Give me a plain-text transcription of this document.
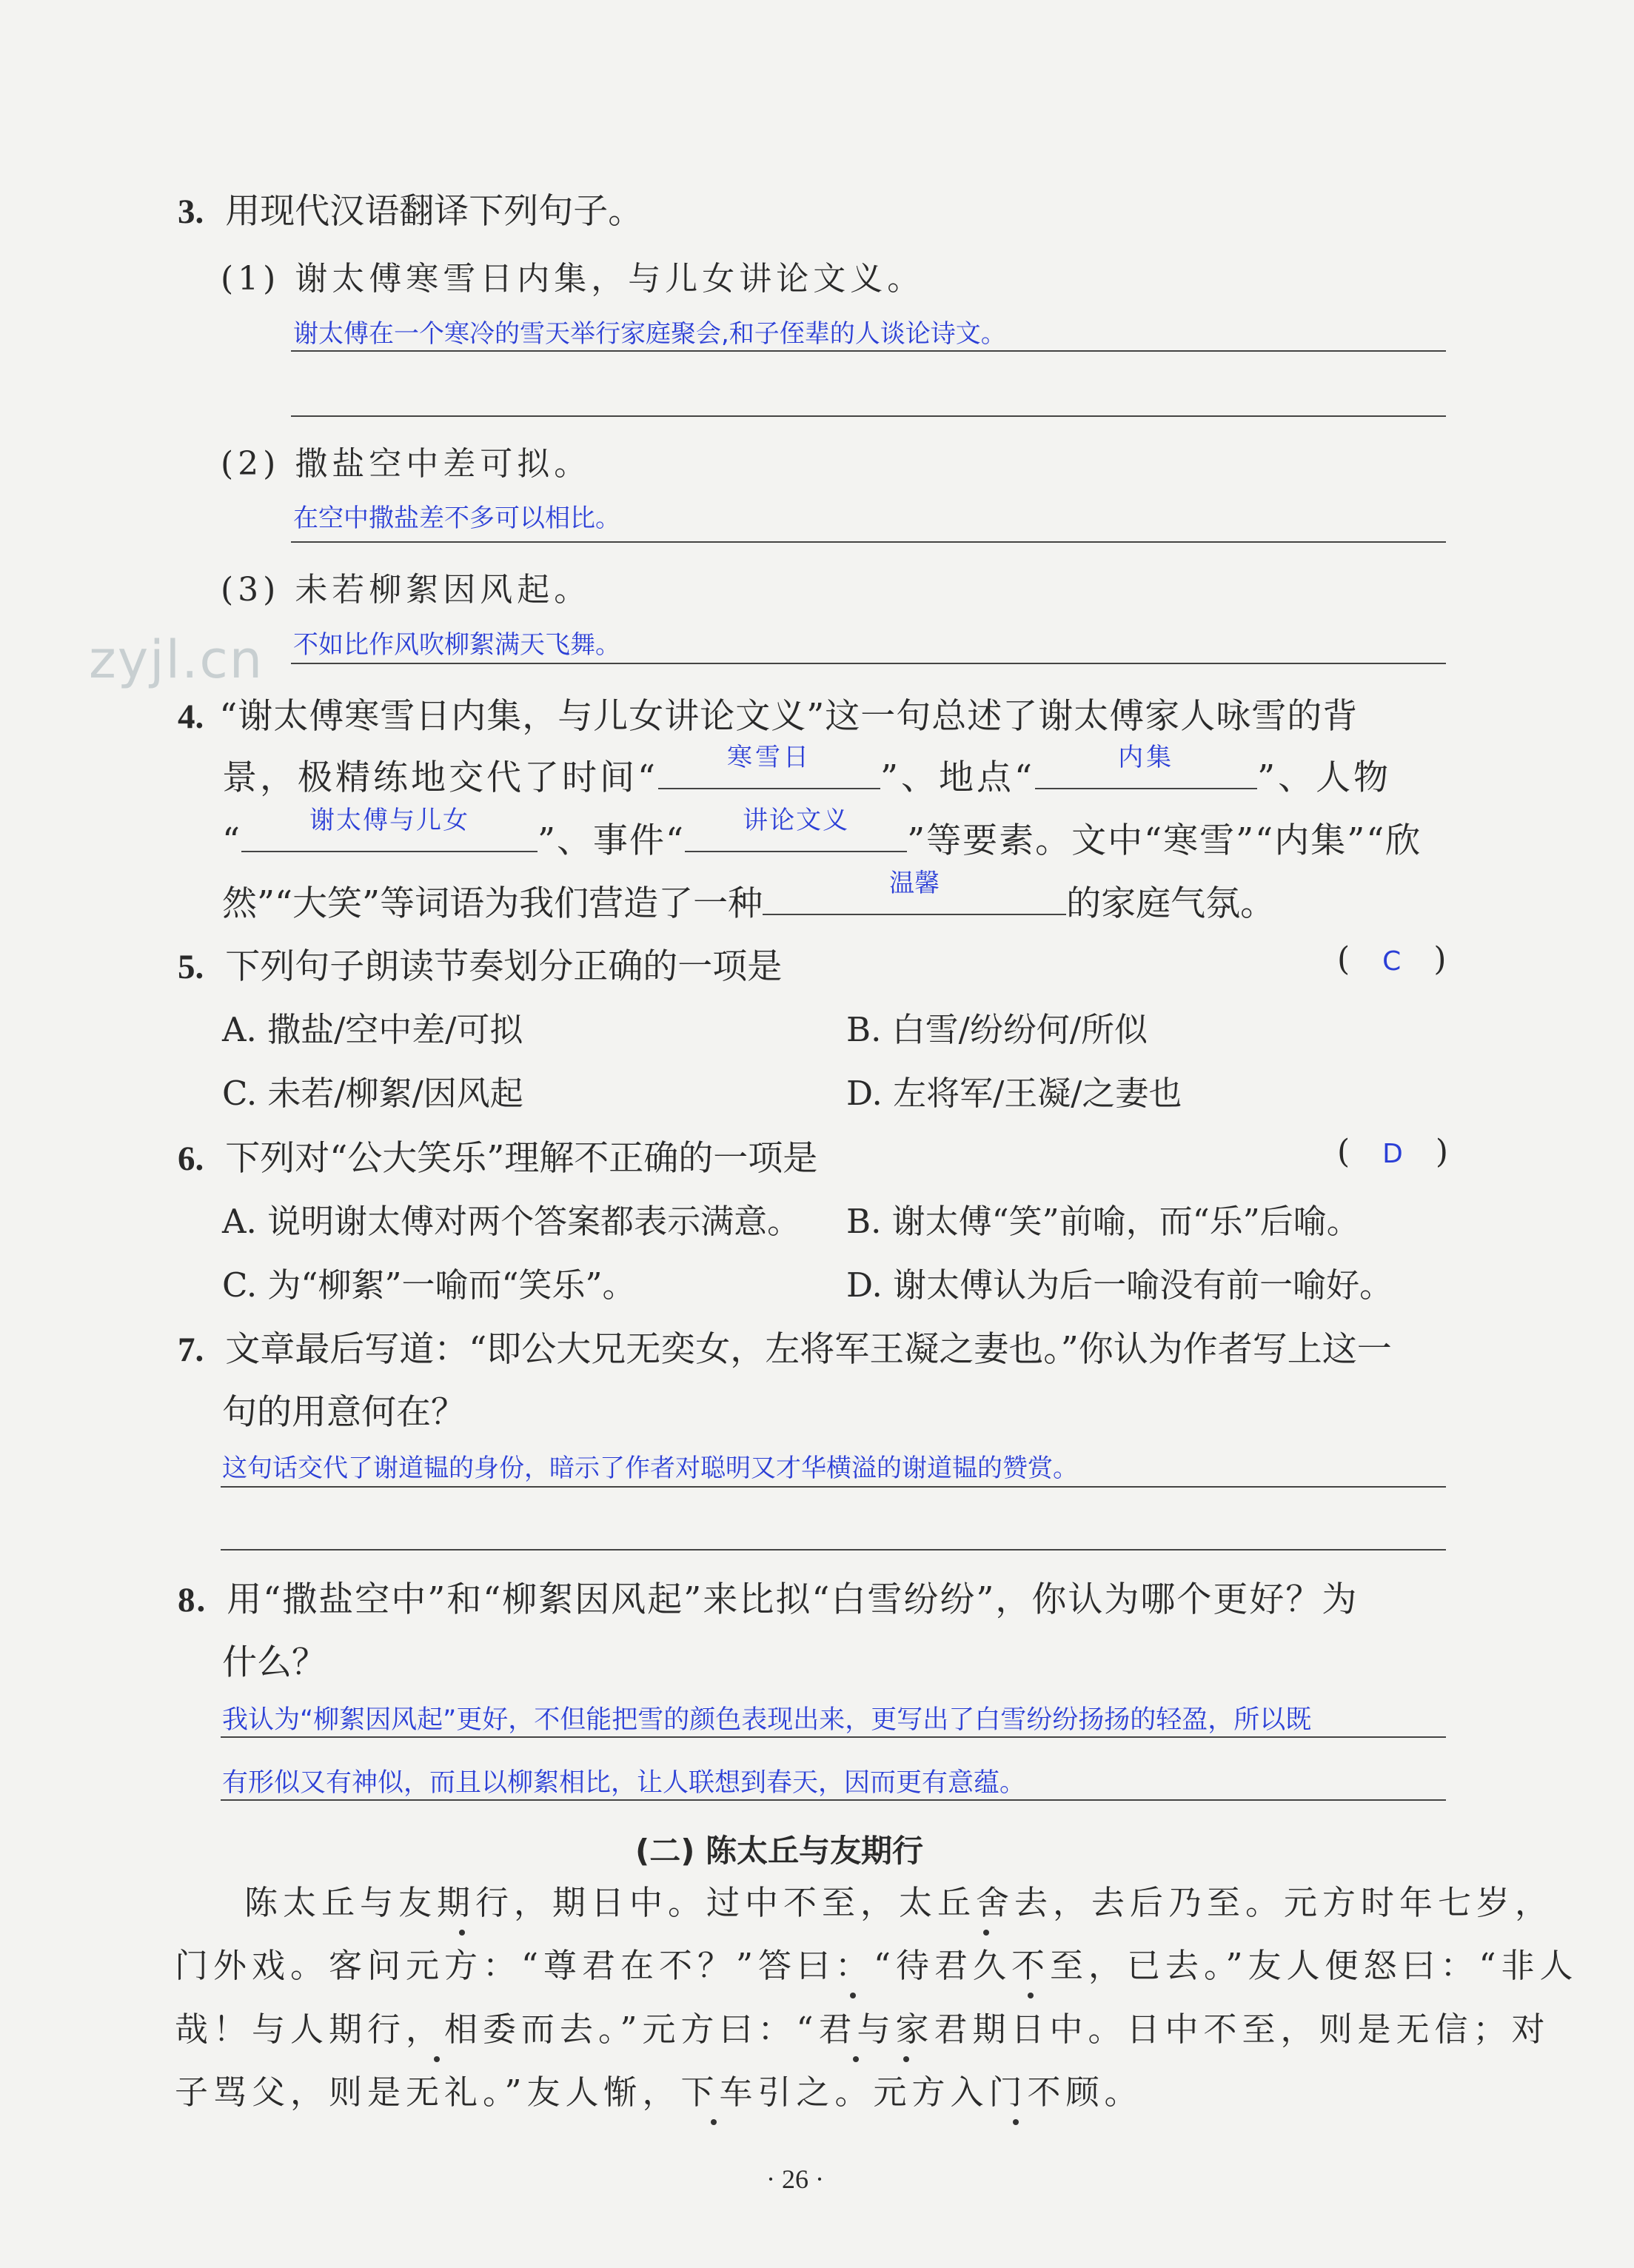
3. 用现代汉语翻译下列句子。
(1) 谢太傅寒雪日内集，与儿女讲论文义。
谢太傅在一个寒冷的雪天举行家庭聚会,和子侄辈的人谈论诗文。
(2) 撒盐空中差可拟。
在空中撒盐差不多可以相比。
(3) 未若柳絮因风起。
不如比作风吹柳絮满天飞舞。
zyjl.cn
4. “谢太傅寒雪日内集，与儿女讲论文义”这一句总述了谢太傅家人咏雪的背
景，极精练地交代了时间“	寒雪日	”、地点“	内集	”、人物
“	谢太傅与儿女	”、事件“	讲论文义	”等要素。文中“寒雪”“内集”“欣
然”“大笑”等词语为我们营造了一种	温馨	的家庭气氛。
5. 下列句子朗读节奏划分正确的一项是	( C )
A. 撒盐/空中差/可拟	B. 白雪/纷纷何/所似
C. 未若/柳絮/因风起	D. 左将军/王凝/之妻也
6. 下列对“公大笑乐”理解不正确的一项是	( D )
A. 说明谢太傅对两个答案都表示满意。 B. 谢太傅“笑”前喻，而“乐”后喻。
C. 为“柳絮”一喻而“笑乐”。	D. 谢太傅认为后一喻没有前一喻好。
7. 文章最后写道：“即公大兄无奕女，左将军王凝之妻也。”你认为作者写上这一
句的用意何在？
这句话交代了谢道韫的身份，暗示了作者对聪明又才华横溢的谢道韫的赞赏。
8. 用“撒盐空中”和“柳絮因风起”来比拟“白雪纷纷”，你认为哪个更好？为
什么？
我认为“柳絮因风起”更好，不但能把雪的颜色表现出来，更写出了白雪纷纷扬扬的轻盈，所以既
有形似又有神似，而且以柳絮相比，让人联想到春天，因而更有意蕴。
(二) 陈太丘与友期行
陈太丘与友期行，期日中。过中不至，太丘舍去，去后乃至。元方时年七岁，
门外戏。客问元方：“尊君在不？”答曰：“待君久不至，已去。”友人便怒曰：“非人
哉！与人期行，相委而去。”元方曰：“君与家君期日中。日中不至，则是无信；对
子骂父，则是无礼。”友人惭，下车引之。元方入门不顾。
· 26 ·
